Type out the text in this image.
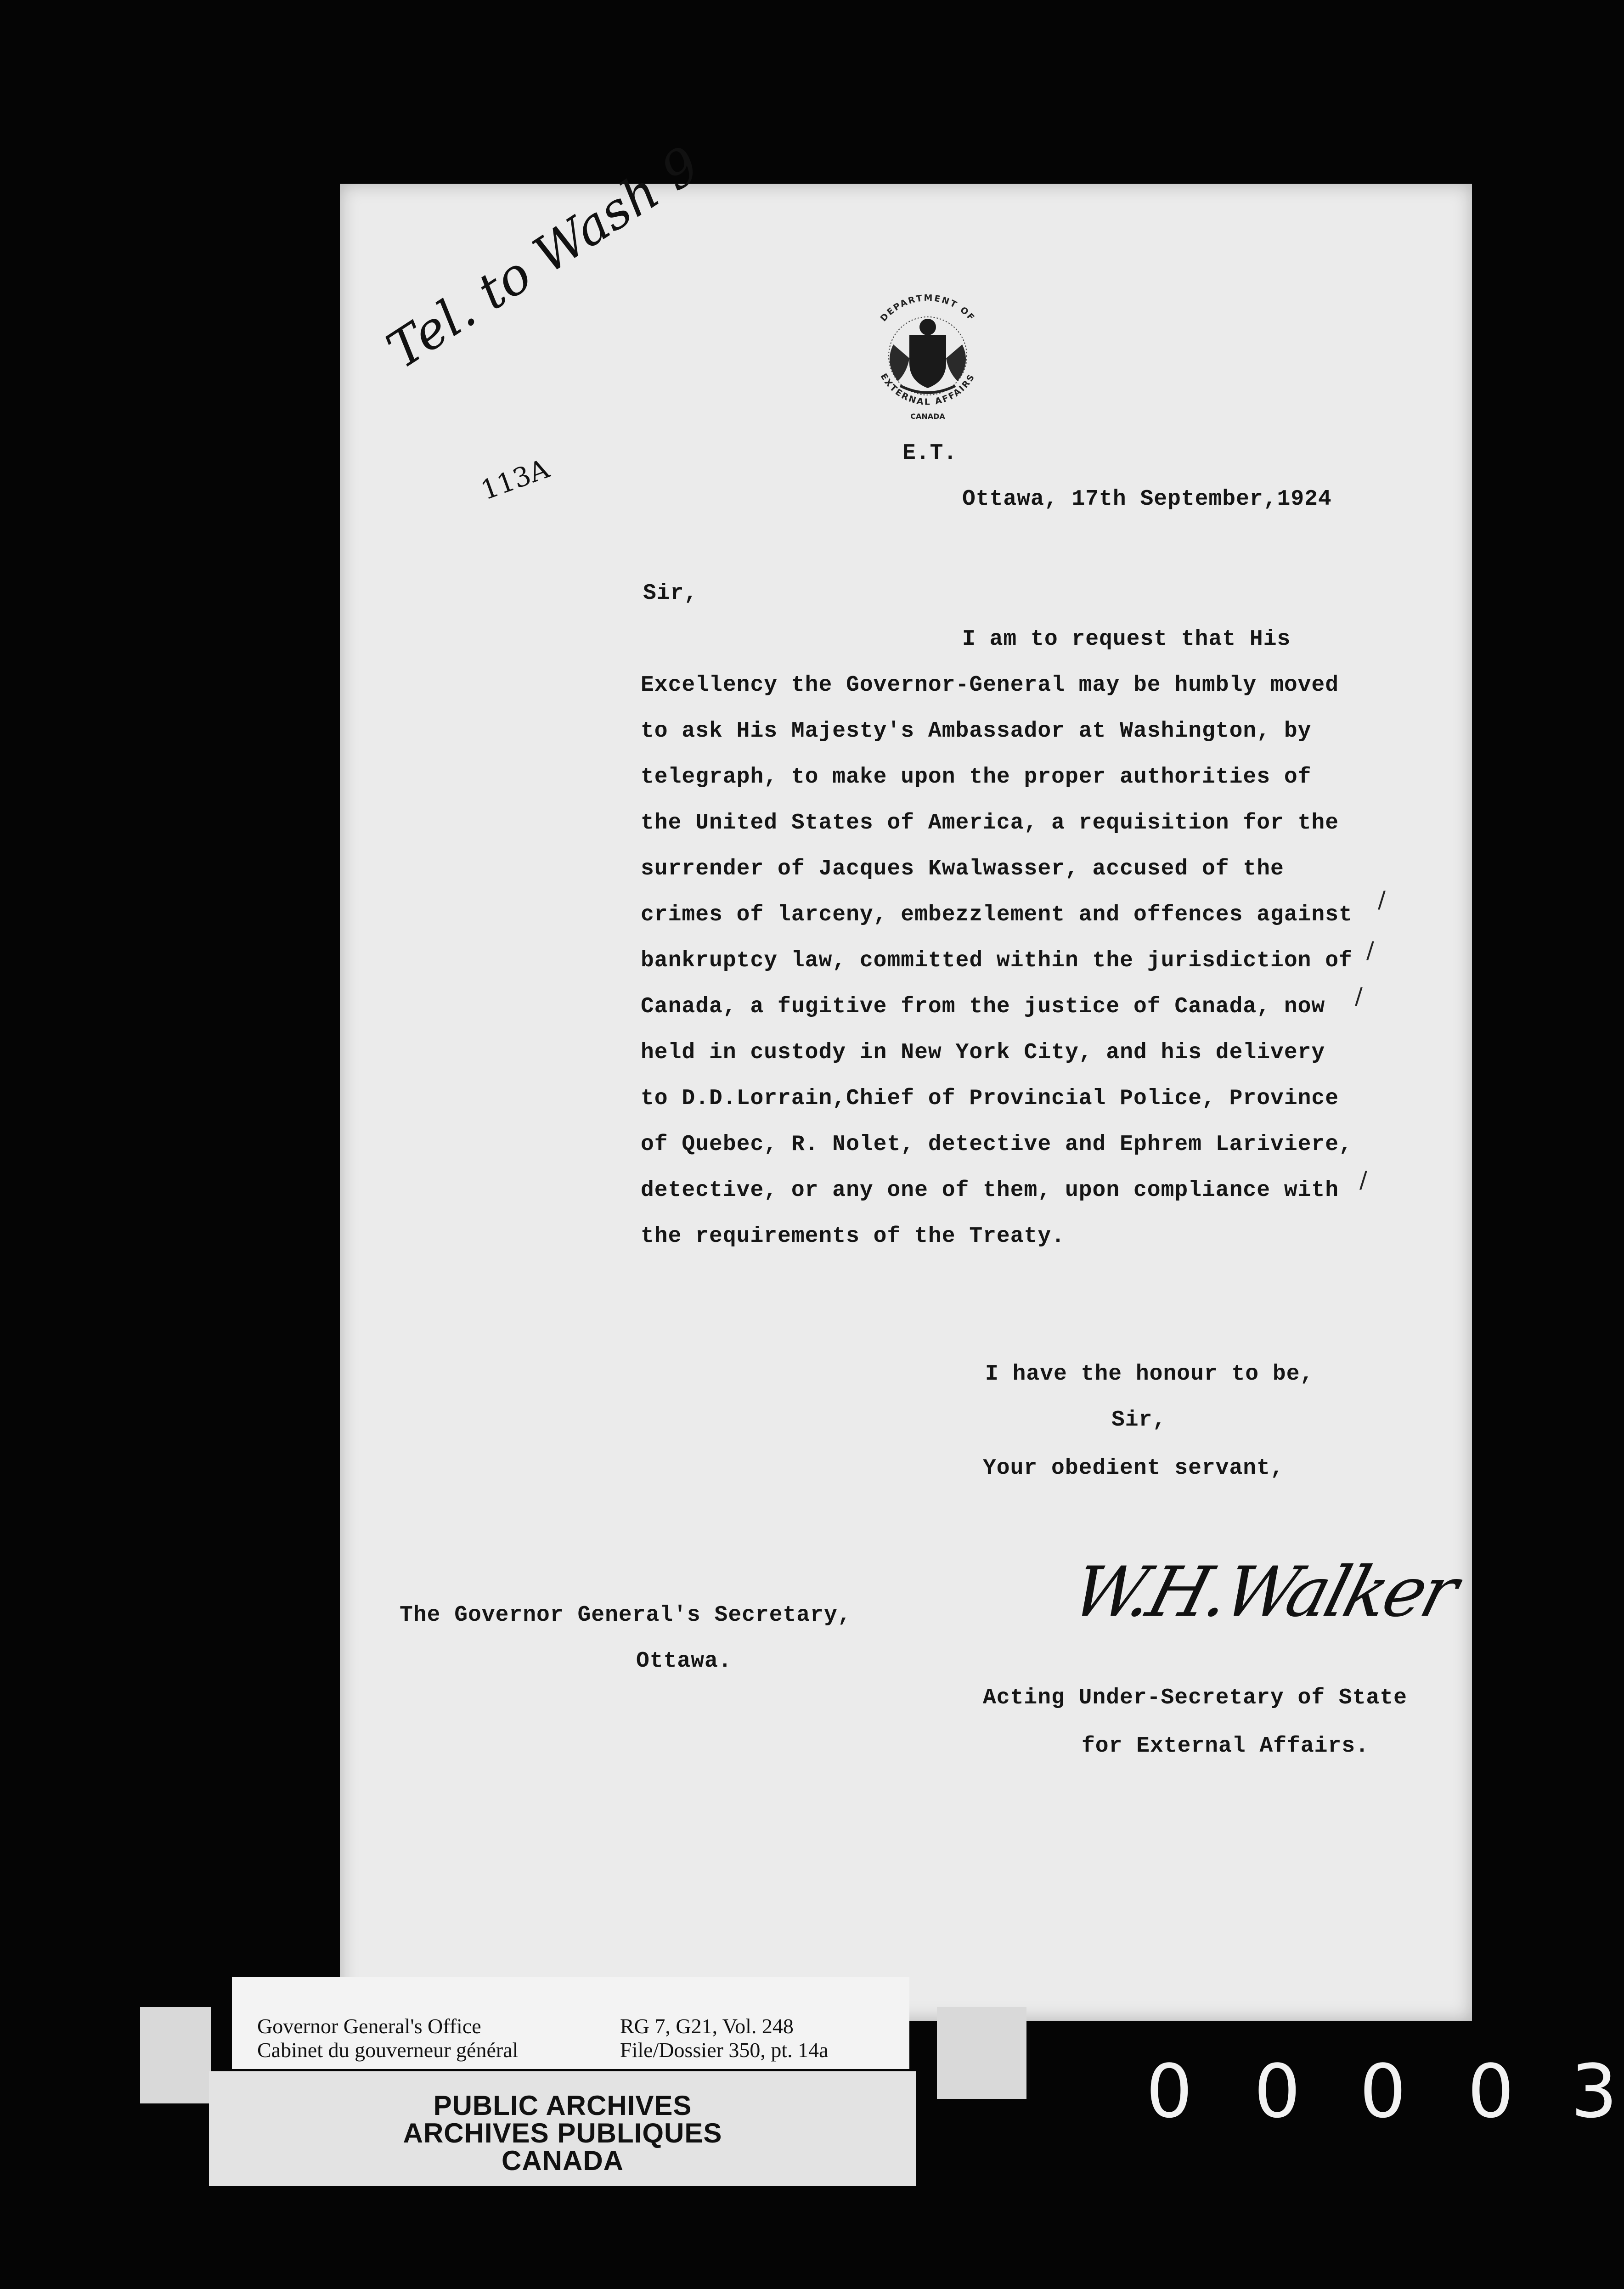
Tel. to Wash 9
113A
DEPARTMENT OF
EXTERNAL AFFAIRS
CANADA
E.T.
Ottawa, 17th September,1924
Sir,
I am to request that His
Excellency the Governor-General may be humbly moved
to ask His Majesty's Ambassador at Washington, by
telegraph, to make upon the proper authorities of
the United States of America, a requisition for the
surrender of Jacques Kwalwasser, accused of the
crimes of larceny, embezzlement and offences against
bankruptcy law, committed within the jurisdiction of
Canada, a fugitive from the justice of Canada, now
held in custody in New York City, and his delivery
to D.D.Lorrain,Chief of Provincial Police, Province
of Quebec, R. Nolet, detective and Ephrem Lariviere,
detective, or any one of them, upon compliance with
the requirements of the Treaty.
/
/
/
/
I have the honour to be,
Sir,
Your obedient servant,
W.H.Walker
The Governor General's Secretary,
Ottawa.
Acting Under-Secretary of State
for External Affairs.
Governor General's Office
Cabinet du gouverneur général
RG 7, G21, Vol. 248
File/Dossier 350, pt. 14a
PUBLIC ARCHIVES
ARCHIVES PUBLIQUES
CANADA
0 0 0 0 3
